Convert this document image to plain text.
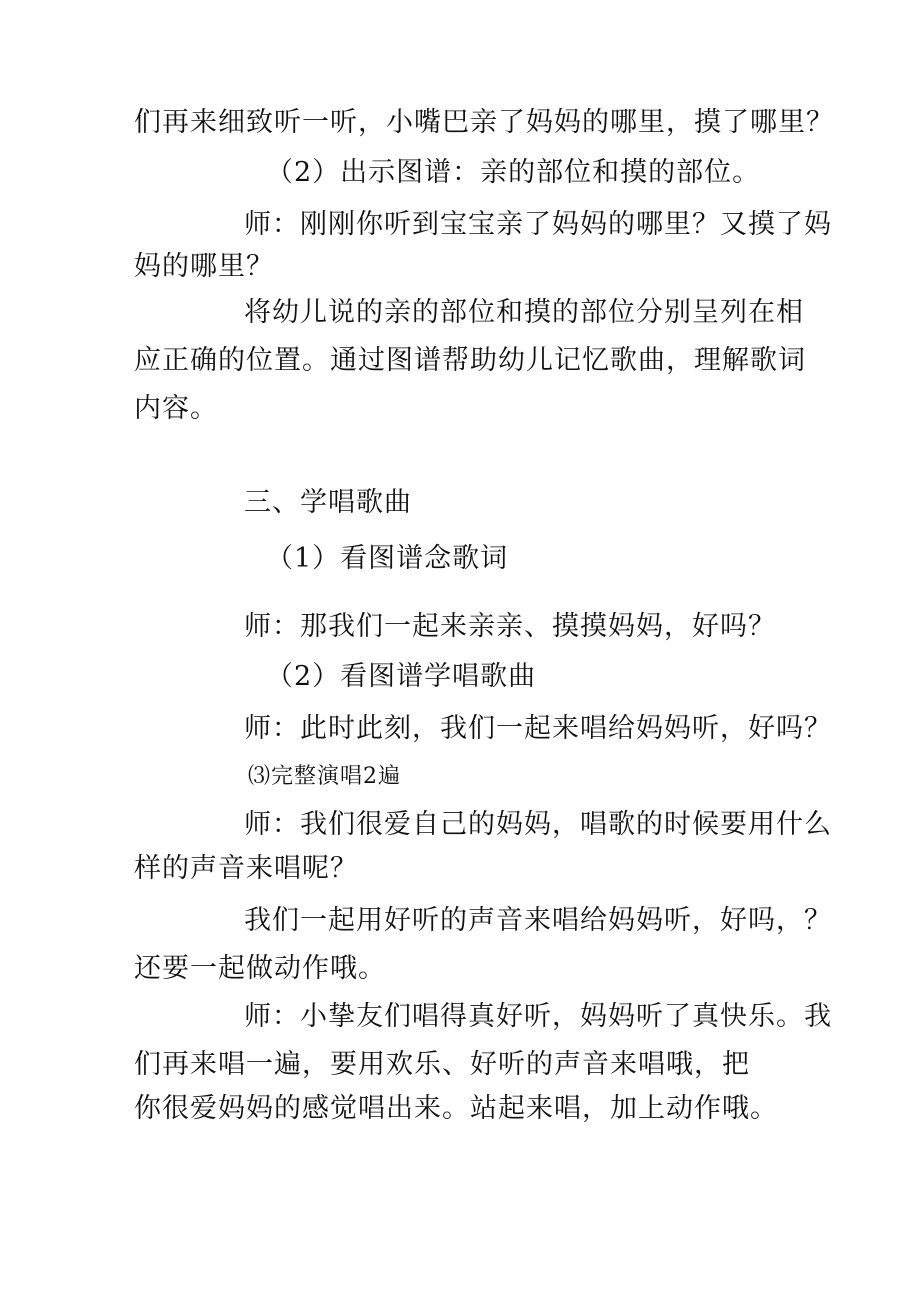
们再来细致听一听，小嘴巴亲了妈妈的哪里，摸了哪里？
（2）出示图谱：亲的部位和摸的部位。
师：刚刚你听到宝宝亲了妈妈的哪里？又摸了妈
妈的哪里？
将幼儿说的亲的部位和摸的部位分别呈列在相
应正确的位置。通过图谱帮助幼儿记忆歌曲，理解歌词
内容。
三、学唱歌曲
（1）看图谱念歌词
师：那我们一起来亲亲、摸摸妈妈，好吗？
（2）看图谱学唱歌曲
师：此时此刻，我们一起来唱给妈妈听，好吗？
⑶完整演唱2遍
师：我们很爱自己的妈妈，唱歌的时候要用什么
样的声音来唱呢？
我们一起用好听的声音来唱给妈妈听，好吗，？
还要一起做动作哦。
师：小挚友们唱得真好听，妈妈听了真快乐。我
们再来唱一遍，要用欢乐、好听的声音来唱哦，把
你很爱妈妈的感觉唱出来。站起来唱，加上动作哦。
